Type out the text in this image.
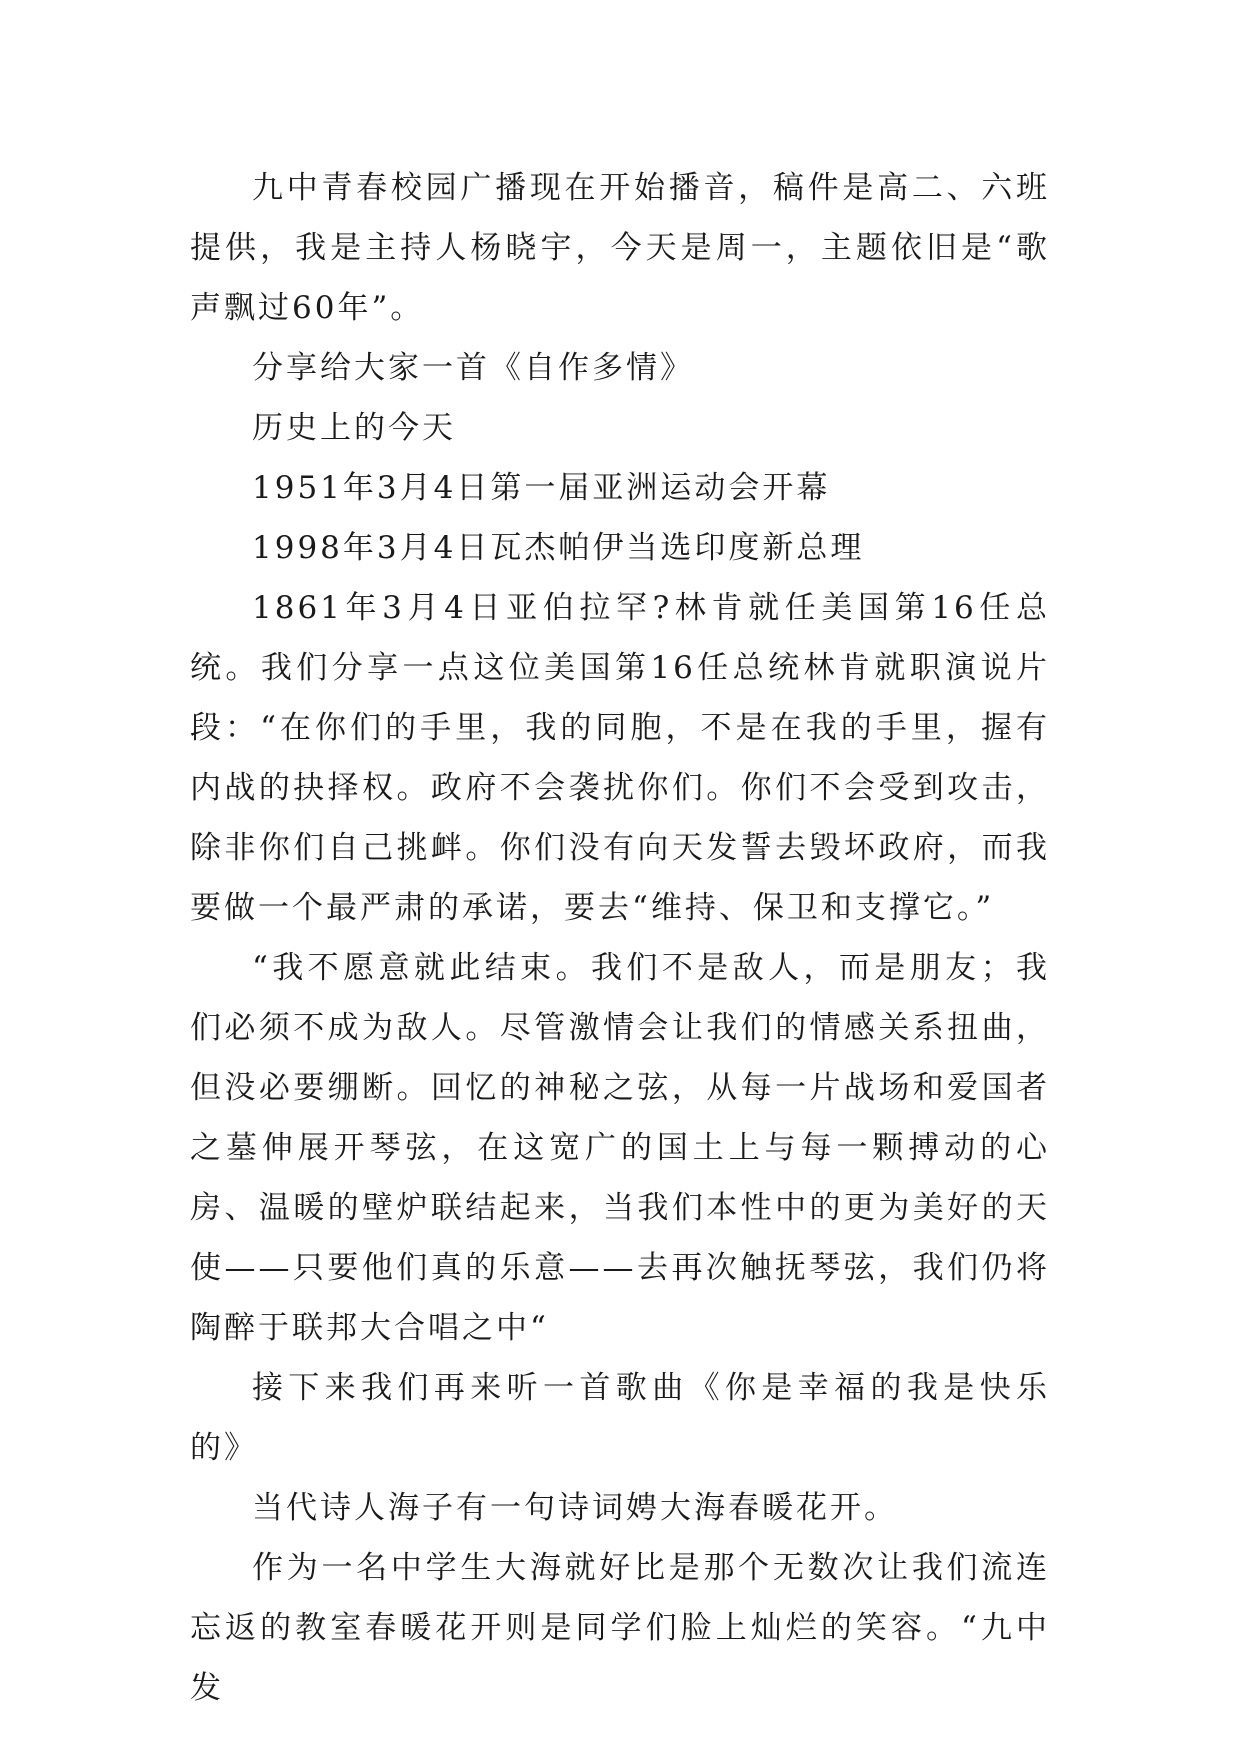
九中青春校园广播现在开始播音，稿件是高二、六班提供，我是主持人杨晓宇，今天是周一，主题依旧是“歌声飘过60年”。

分享给大家一首《自作多情》

历史上的今天

1951年3月4日第一届亚洲运动会开幕

1998年3月4日瓦杰帕伊当选印度新总理

1861年3月4日亚伯拉罕?林肯就任美国第16任总统。我们分享一点这位美国第16任总统林肯就职演说片段：“在你们的手里，我的同胞，不是在我的手里，握有内战的抉择权。政府不会袭扰你们。你们不会受到攻击，除非你们自己挑衅。你们没有向天发誓去毁坏政府，而我要做一个最严肃的承诺，要去“维持、保卫和支撑它。”

“我不愿意就此结束。我们不是敌人，而是朋友；我们必须不成为敌人。尽管激情会让我们的情感关系扭曲，但没必要绷断。回忆的神秘之弦，从每一片战场和爱国者之墓伸展开琴弦，在这宽广的国土上与每一颗搏动的心房、温暖的壁炉联结起来，当我们本性中的更为美好的天使——只要他们真的乐意——去再次触抚琴弦，我们仍将陶醉于联邦大合唱之中“

接下来我们再来听一首歌曲《你是幸福的我是快乐的》

当代诗人海子有一句诗词娉大海春暖花开。

作为一名中学生大海就好比是那个无数次让我们流连忘返的教室春暖花开则是同学们脸上灿烂的笑容。“九中发
